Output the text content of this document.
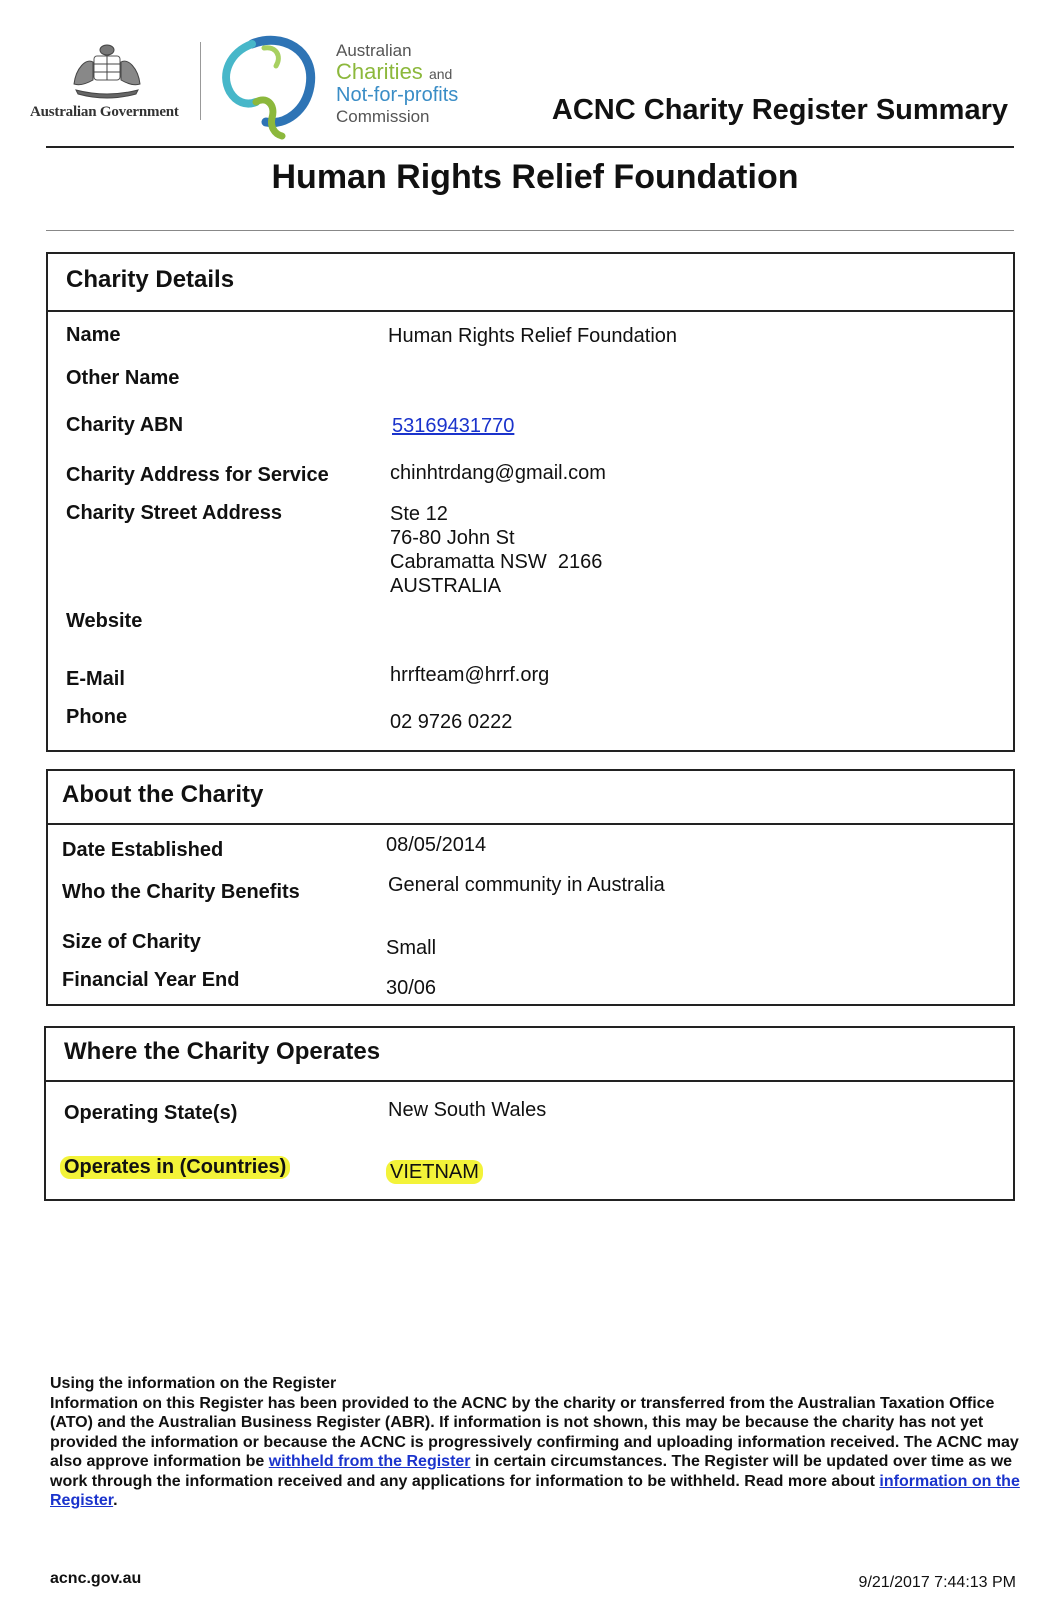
Australian Government
Australian
Charities and
Not-for-profits
Commission	ACNC Charity Register Summary
Human Rights Relief Foundation
Charity Details
Name	Human Rights Relief Foundation
Other Name
Charity ABN	53169431770
Charity Address for Service	chinhtrdang@gmail.com
Charity Street Address	Ste 12
76-80 John St
Cabramatta NSW  2166
AUSTRALIA
Website
E-Mail	hrrfteam@hrrf.org
Phone	02 9726 0222
About the Charity
Date Established	08/05/2014
Who the Charity Benefits	General community in Australia
Size of Charity	Small
Financial Year End	30/06
Where the Charity Operates
Operating State(s)	New South Wales
Operates in (Countries)	VIETNAM
Using the information on the Register
Information on this Register has been provided to the ACNC by the charity or transferred from the Australian Taxation Office (ATO) and the Australian Business Register (ABR). If information is not shown, this may be because the charity has not yet provided the information or because the ACNC is progressively confirming and uploading information received. The ACNC may also approve information be withheld from the Register in certain circumstances. The Register will be updated over time as we work through the information received and any applications for information to be withheld. Read more about information on the Register.
acnc.gov.au	9/21/2017 7:44:13 PM
